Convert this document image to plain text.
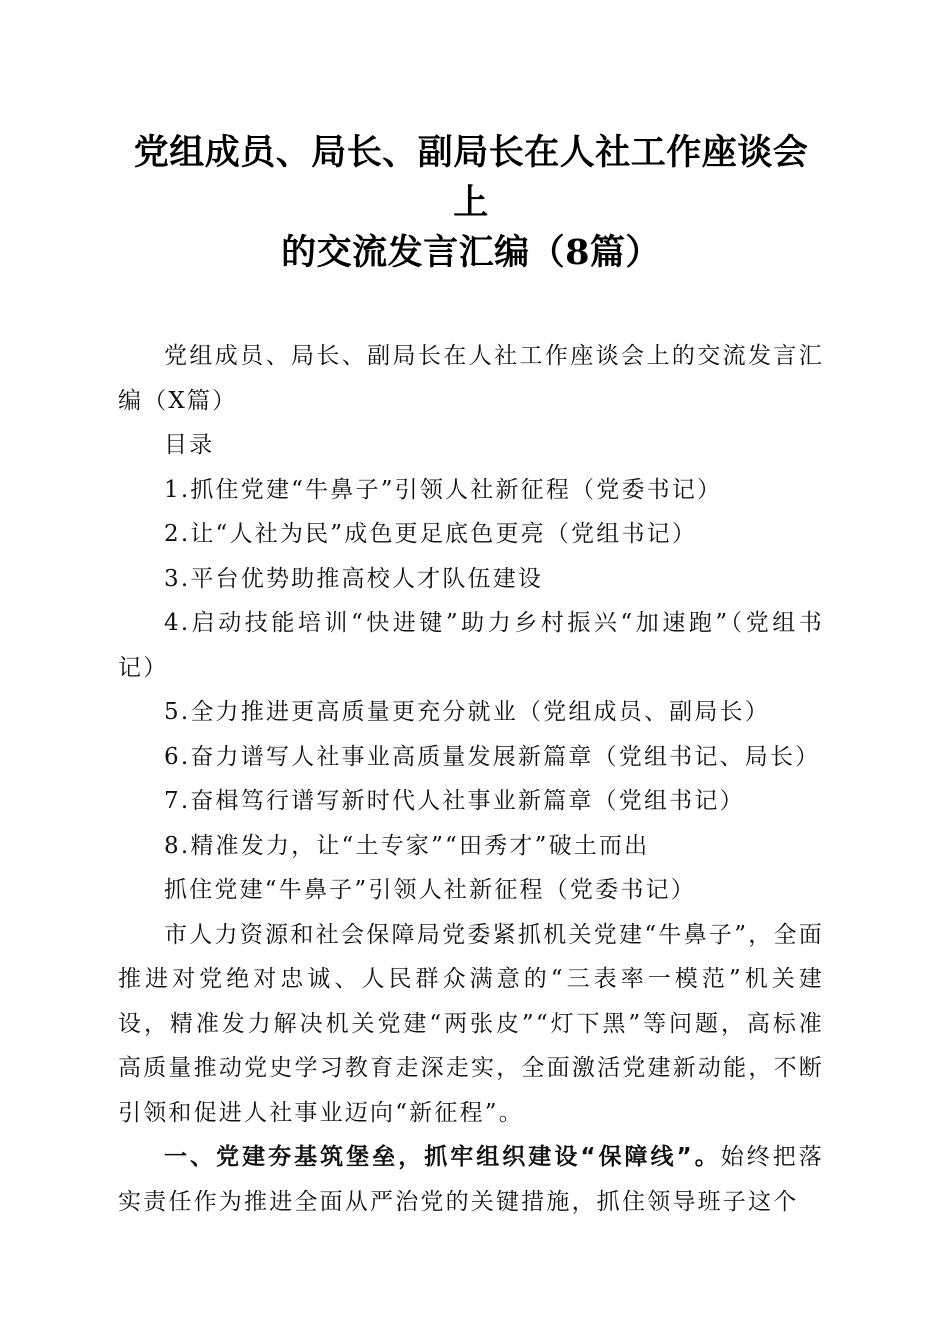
党组成员、局长、副局长在人社工作座谈会上
的交流发言汇编（8篇）

党组成员、局长、副局长在人社工作座谈会上的交流发言汇编（X篇）

目录

1.抓住党建“牛鼻子”引领人社新征程（党委书记）

2.让“人社为民”成色更足底色更亮（党组书记）

3.平台优势助推高校人才队伍建设

4.启动技能培训“快进键”助力乡村振兴“加速跑”（党组书记）

5.全力推进更高质量更充分就业（党组成员、副局长）

6.奋力谱写人社事业高质量发展新篇章（党组书记、局长）

7.奋楫笃行谱写新时代人社事业新篇章（党组书记）

8.精准发力，让“土专家”“田秀才”破土而出

抓住党建“牛鼻子”引领人社新征程（党委书记）

市人力资源和社会保障局党委紧抓机关党建“牛鼻子”，全面推进对党绝对忠诚、人民群众满意的“三表率一模范”机关建设，精准发力解决机关党建“两张皮”“灯下黑”等问题，高标准高质量推动党史学习教育走深走实，全面激活党建新动能，不断引领和促进人社事业迈向“新征程”。

一、党建夯基筑堡垒，抓牢组织建设“保障线”。始终把落实责任作为推进全面从严治党的关键措施，抓住领导班子这个
